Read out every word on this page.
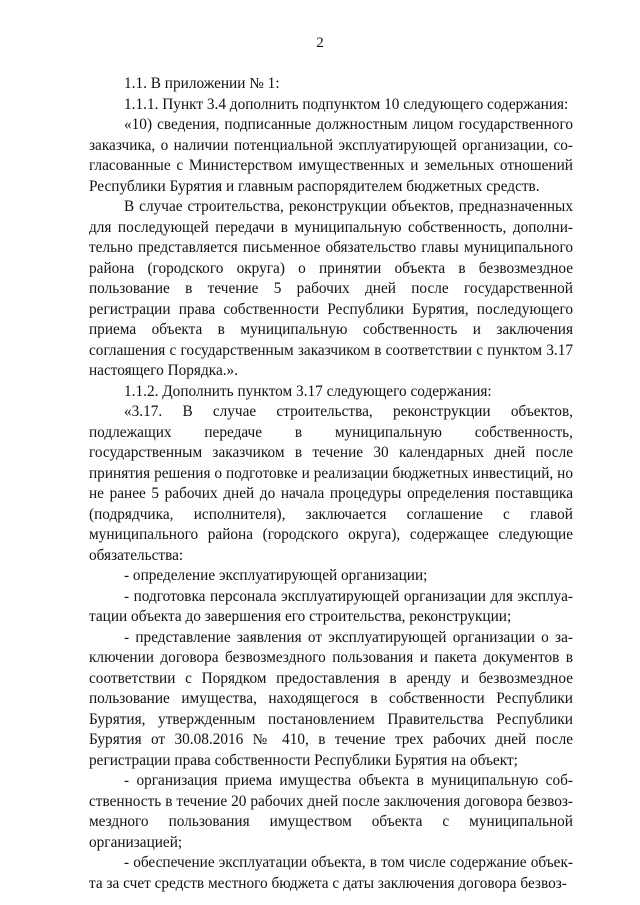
2

1.1. В приложении № 1:

1.1.1. Пункт 3.4 дополнить подпунктом 10 следующего содержания:

«10) сведения, подписанные должностным лицом государственного заказчика, о наличии потенциальной эксплуатирующей организации, согласованные с Министерством имущественных и земельных отношений Республики Бурятия и главным распорядителем бюджетных средств.

В случае строительства, реконструкции объектов, предназначенных для последующей передачи в муниципальную собственность, дополнительно представляется письменное обязательство главы муниципального района (городского округа) о принятии объекта в безвозмездное пользование в течение 5 рабочих дней после государственной регистрации права собственности Республики Бурятия, последующего приема объекта в муниципальную собственность и заключения соглашения с государственным заказчиком в соответствии с пунктом 3.17 настоящего Порядка.».

1.1.2. Дополнить пунктом 3.17 следующего содержания:

«3.17. В случае строительства, реконструкции объектов, подлежащих передаче в муниципальную собственность, государственным заказчиком в течение 30 календарных дней после принятия решения о подготовке и реализации бюджетных инвестиций, но не ранее 5 рабочих дней до начала процедуры определения поставщика (подрядчика, исполнителя), заключается соглашение с главой муниципального района (городского округа), содержащее следующие обязательства:

- определение эксплуатирующей организации;

- подготовка персонала эксплуатирующей организации для эксплуатации объекта до завершения его строительства, реконструкции;

- представление заявления от эксплуатирующей организации о заключении договора безвозмездного пользования и пакета документов в соответствии с Порядком предоставления в аренду и безвозмездное пользование имущества, находящегося в собственности Республики Бурятия, утвержденным постановлением Правительства Республики Бурятия от 30.08.2016 № 410, в течение трех рабочих дней после регистрации права собственности Республики Бурятия на объект;

- организация приема имущества объекта в муниципальную собственность в течение 20 рабочих дней после заключения договора безвозмездного пользования имуществом объекта с муниципальной организацией;

- обеспечение эксплуатации объекта, в том числе содержание объекта за счет средств местного бюджета с даты заключения договора безвоз-
